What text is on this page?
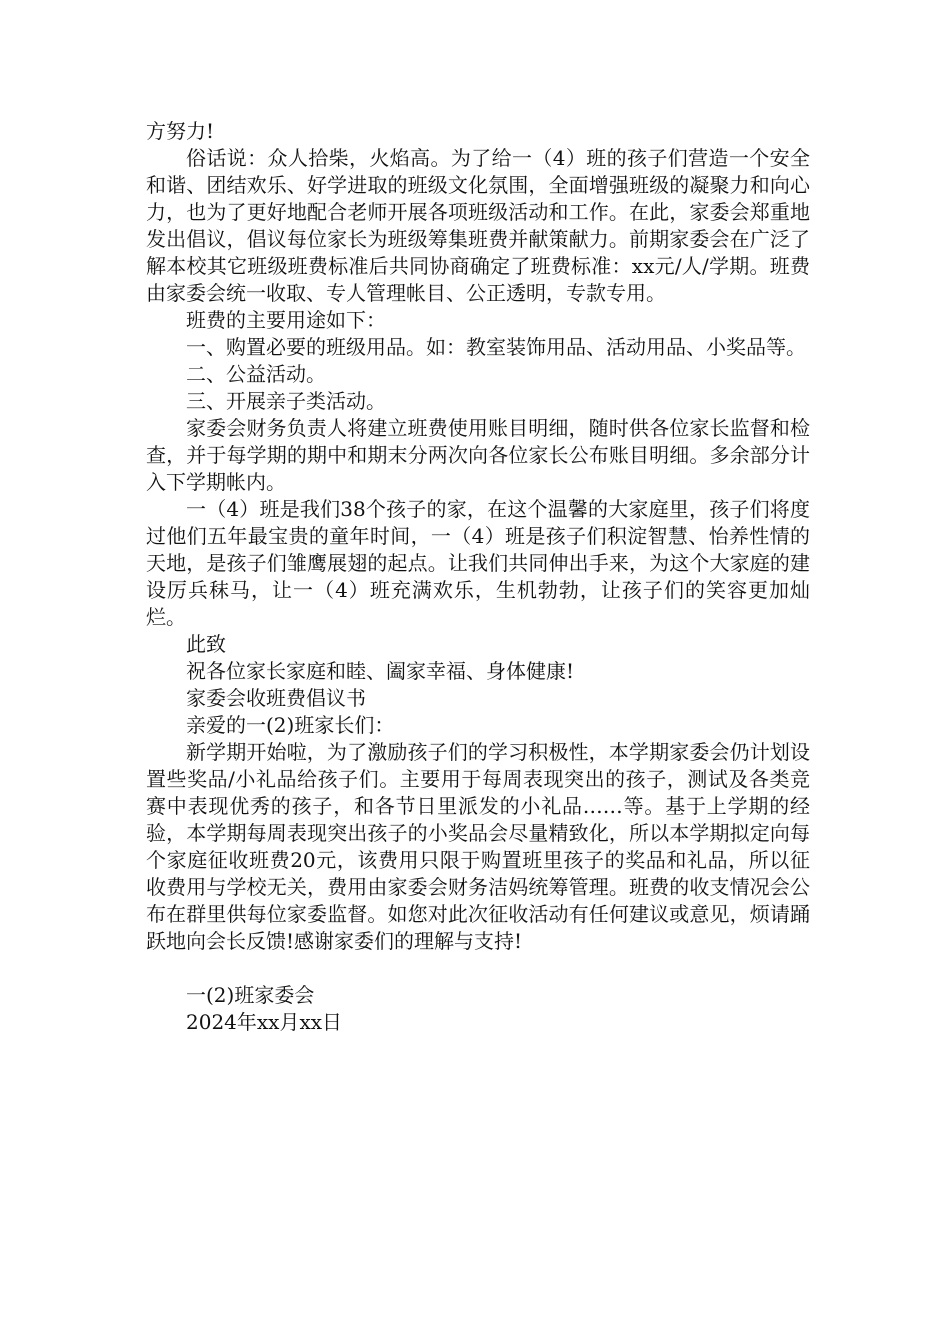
方努力!

俗话说：众人拾柴，火焰高。为了给一（4）班的孩子们营造一个安全和谐、团结欢乐、好学进取的班级文化氛围，全面增强班级的凝聚力和向心力，也为了更好地配合老师开展各项班级活动和工作。在此，家委会郑重地发出倡议，倡议每位家长为班级筹集班费并献策献力。前期家委会在广泛了解本校其它班级班费标准后共同协商确定了班费标准：xx元/人/学期。班费由家委会统一收取、专人管理帐目、公正透明，专款专用。

班费的主要用途如下：

一、购置必要的班级用品。如：教室装饰用品、活动用品、小奖品等。

二、公益活动。

三、开展亲子类活动。

家委会财务负责人将建立班费使用账目明细，随时供各位家长监督和检查，并于每学期的期中和期末分两次向各位家长公布账目明细。多余部分计入下学期帐内。

一（4）班是我们38个孩子的家，在这个温馨的大家庭里，孩子们将度过他们五年最宝贵的童年时间，一（4）班是孩子们积淀智慧、怡养性情的天地，是孩子们雏鹰展翅的起点。让我们共同伸出手来，为这个大家庭的建设厉兵秣马，让一（4）班充满欢乐，生机勃勃，让孩子们的笑容更加灿烂。

此致

祝各位家长家庭和睦、阖家幸福、身体健康!

家委会收班费倡议书

亲爱的一(2)班家长们：

新学期开始啦，为了激励孩子们的学习积极性，本学期家委会仍计划设置些奖品/小礼品给孩子们。主要用于每周表现突出的孩子，测试及各类竞赛中表现优秀的孩子，和各节日里派发的小礼品……等。基于上学期的经验，本学期每周表现突出孩子的小奖品会尽量精致化，所以本学期拟定向每个家庭征收班费20元，该费用只限于购置班里孩子的奖品和礼品，所以征收费用与学校无关，费用由家委会财务洁妈统筹管理。班费的收支情况会公布在群里供每位家委监督。如您对此次征收活动有任何建议或意见，烦请踊跃地向会长反馈!感谢家委们的理解与支持!

一(2)班家委会

2024年xx月xx日
